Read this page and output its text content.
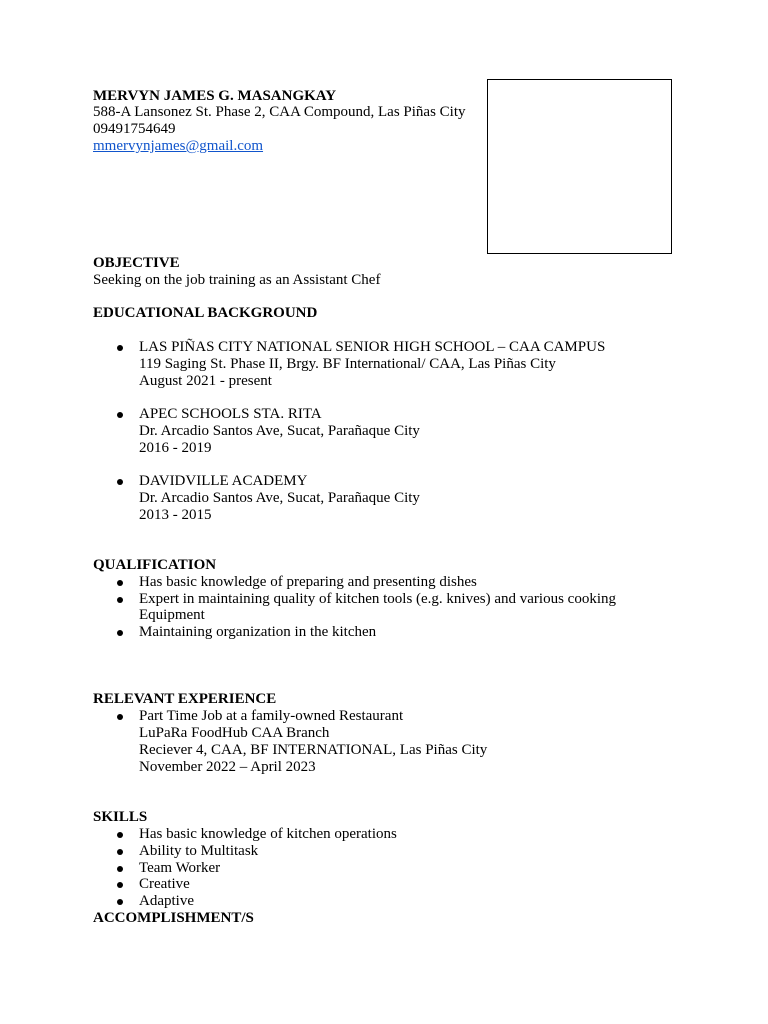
MERVYN JAMES G. MASANGKAY
588-A Lansonez St. Phase 2, CAA Compound, Las Piñas City
09491754649
mmervynjames@gmail.com
OBJECTIVE
Seeking on the job training as an Assistant Chef
EDUCATIONAL BACKGROUND
LAS PIÑAS CITY NATIONAL SENIOR HIGH SCHOOL – CAA CAMPUS
119 Saging St. Phase II, Brgy. BF International/ CAA, Las Piñas City
August 2021 - present
APEC SCHOOLS STA. RITA
Dr. Arcadio Santos Ave, Sucat, Parañaque City
2016 - 2019
DAVIDVILLE ACADEMY
Dr. Arcadio Santos Ave, Sucat, Parañaque City
2013 - 2015
QUALIFICATION
Has basic knowledge of preparing and presenting dishes
Expert in maintaining quality of kitchen tools (e.g. knives) and various cooking
Equipment
Maintaining organization in the kitchen
RELEVANT EXPERIENCE
Part Time Job at a family-owned Restaurant
LuPaRa FoodHub CAA Branch
Reciever 4, CAA, BF INTERNATIONAL, Las Piñas City
November 2022 – April 2023
SKILLS
Has basic knowledge of kitchen operations
Ability to Multitask
Team Worker
Creative
Adaptive
ACCOMPLISHMENT/S
